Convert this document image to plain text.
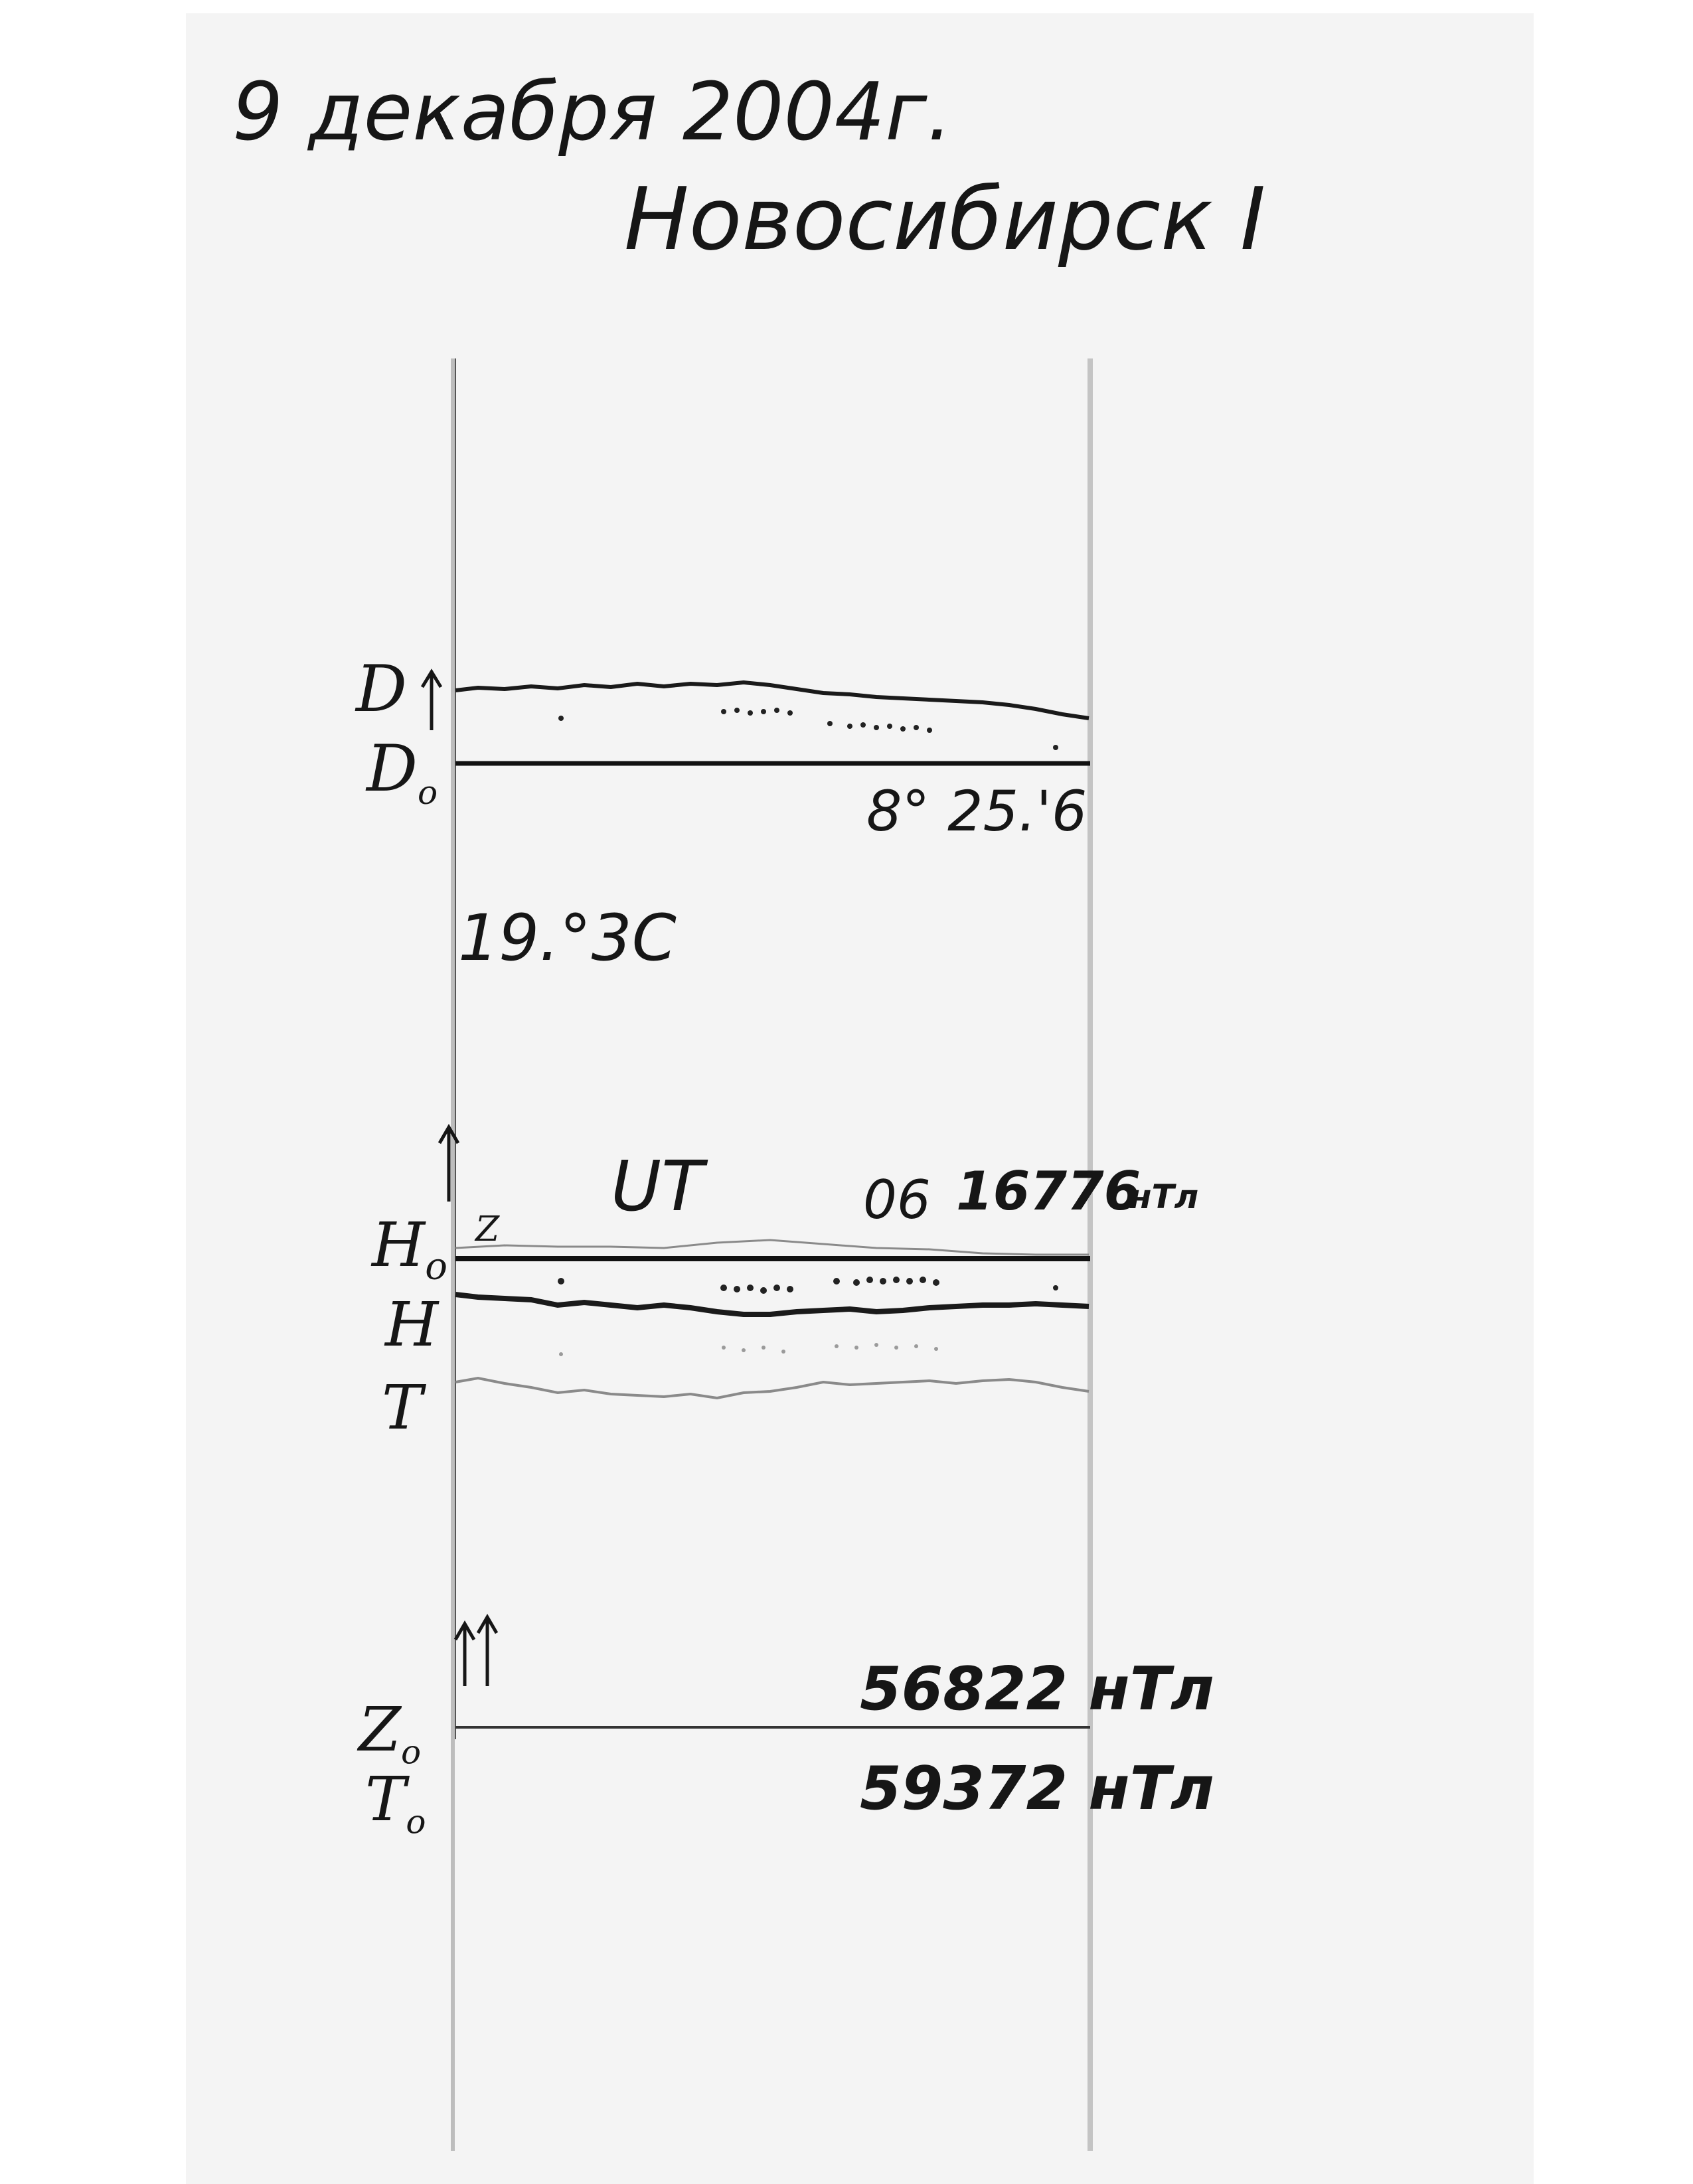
9 декабря 2004г.
Новосибирск I
D
$D_o$	8° 25.'6
19.°3C
UT	06 16776
нТл
Z
$H_o$
H
T
$Z_o$
$T_o$
56822 нТл
59372 нТл
